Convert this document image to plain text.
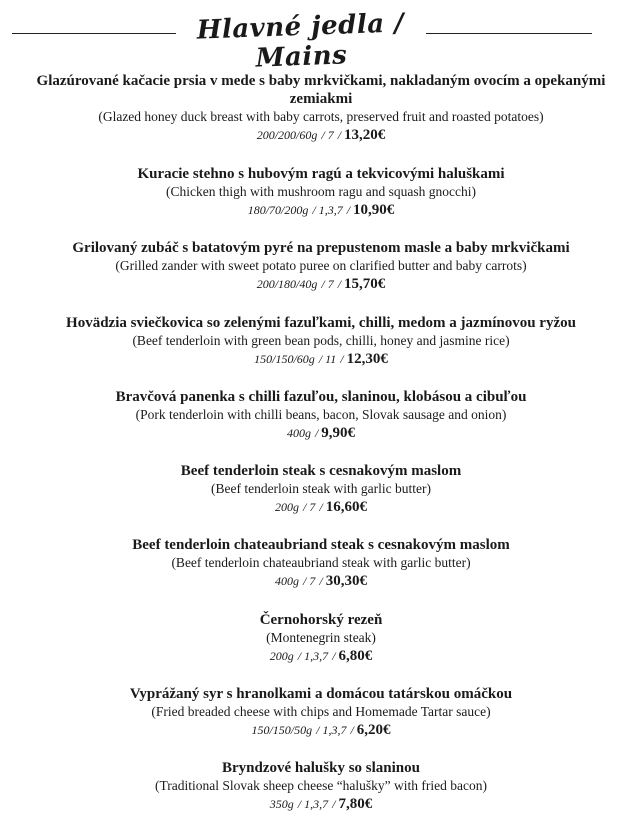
Hlavné jedla / Mains
Glazúrované kačacie prsia v mede s baby mrkvičkami, nakladaným ovocím a opekanými zemiakmi
(Glazed honey duck breast with baby carrots, preserved fruit and roasted potatoes)
200/200/60g / 7 / 13,20€
Kuracie stehno s hubovým ragú a tekvicovými haluškami
(Chicken thigh with mushroom ragu and squash gnocchi)
180/70/200g / 1,3,7 / 10,90€
Grilovaný zubáč s batatovým pyré na prepustenom masle a baby mrkvičkami
(Grilled zander with sweet potato puree on clarified butter and baby carrots)
200/180/40g / 7 / 15,70€
Hovädzia sviečkovica so zelenými fazuľkami, chilli, medom a jazmínovou ryžou
(Beef tenderloin with green bean pods, chilli, honey and jasmine rice)
150/150/60g / 11 / 12,30€
Bravčová panenka s chilli fazuľou, slaninou, klobásou a cibuľou
(Pork tenderloin with chilli beans, bacon, Slovak sausage and onion)
400g / 9,90€
Beef tenderloin steak s cesnakovým maslom
(Beef tenderloin steak with garlic butter)
200g / 7 / 16,60€
Beef tenderloin chateaubriand steak s cesnakovým maslom
(Beef tenderloin chateaubriand steak with garlic butter)
400g / 7 / 30,30€
Černohorský rezeň
(Montenegrin steak)
200g / 1,3,7 / 6,80€
Vyprážaný syr s hranolkami a domácou tatárskou omáčkou
(Fried breaded cheese with chips and Homemade Tartar sauce)
150/150/50g / 1,3,7 / 6,20€
Bryndzové halušky so slaninou
(Traditional Slovak sheep cheese “halušky” with fried bacon)
350g / 1,3,7 / 7,80€
